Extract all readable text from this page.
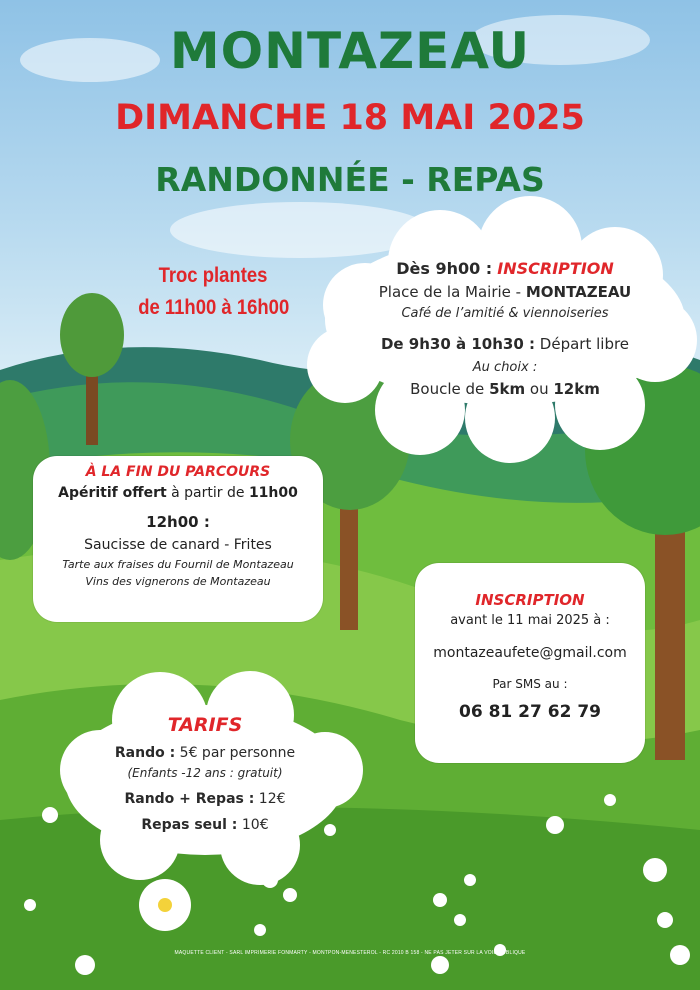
MONTAZEAU
DIMANCHE 18 MAI 2025
RANDONNÉE - REPAS
Troc plantes
de 11h00 à 16h00
Dès 9h00 : INSCRIPTION
Place de la Mairie - MONTAZEAU
Café de l’amitié & viennoiseries
De 9h30 à 10h30 : Départ libre
Au choix :
Boucle de 5km ou 12km
À LA FIN DU PARCOURS
Apéritif offert à partir de 11h00
12h00 :
Saucisse de canard - Frites
Tarte aux fraises du Fournil de Montazeau
Vins des vignerons de Montazeau
INSCRIPTION
avant le 11 mai 2025 à :
montazeaufete@gmail.com
Par SMS au :
06 81 27 62 79
TARIFS
Rando : 5€ par personne
(Enfants -12 ans : gratuit)
Rando + Repas : 12€
Repas seul : 10€
MAQUETTE CLIENT - SARL IMPRIMERIE FONMARTY - MONTPON-MENESTEROL - RC 2010 B 158 - NE PAS JETER SUR LA VOIE PUBLIQUE
